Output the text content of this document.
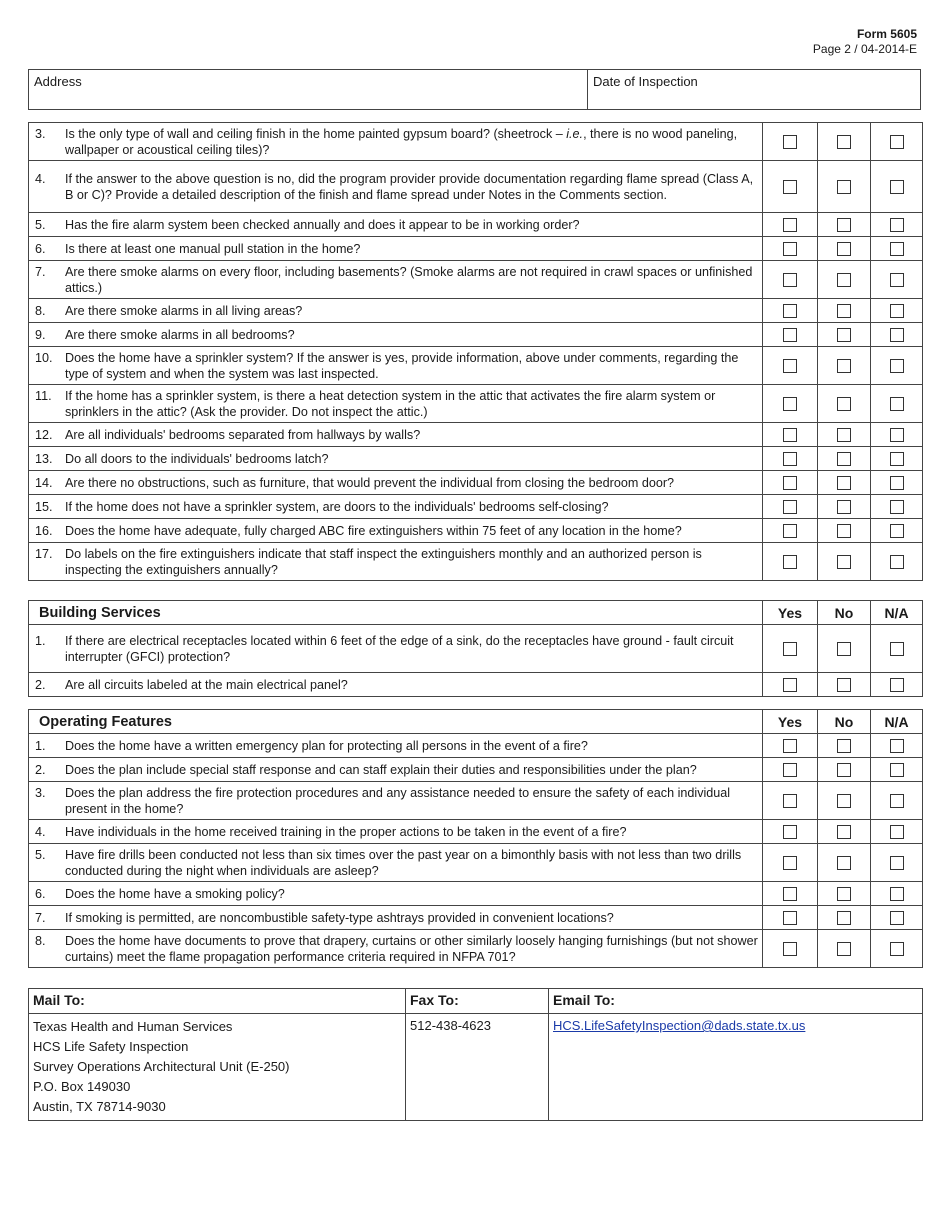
Form 5605
Page 2 / 04-2014-E
Address	Date of Inspection
3. Is the only type of wall and ceiling finish in the home painted gypsum board? (sheetrock – i.e., there is no wood paneling, wallpaper or acoustical ceiling tiles)?			

4. If the answer to the above question is no, did the program provider provide documentation regarding flame spread (Class A, B or C)? Provide a detailed description of the finish and flame spread under Notes in the Comments section.			

5. Has the fire alarm system been checked annually and does it appear to be in working order?			

6. Is there at least one manual pull station in the home?			

7. Are there smoke alarms on every floor, including basements? (Smoke alarms are not required in crawl spaces or unfinished attics.)			

8. Are there smoke alarms in all living areas?			

9. Are there smoke alarms in all bedrooms?			

10. Does the home have a sprinkler system? If the answer is yes, provide information, above under comments, regarding the type of system and when the system was last inspected.			

11. If the home has a sprinkler system, is there a heat detection system in the attic that activates the fire alarm system or sprinklers in the attic? (Ask the provider. Do not inspect the attic.)			

12. Are all individuals' bedrooms separated from hallways by walls?			

13. Do all doors to the individuals' bedrooms latch?			

14. Are there no obstructions, such as furniture, that would prevent the individual from closing the bedroom door?			

15. If the home does not have a sprinkler system, are doors to the individuals' bedrooms self-closing?			

16. Does the home have adequate, fully charged ABC fire extinguishers within 75 feet of any location in the home?			

17. Do labels on the fire extinguishers indicate that staff inspect the extinguishers monthly and an authorized person is inspecting the extinguishers annually?			

Building Services	Yes	No	N/A

1. If there are electrical receptacles located within 6 feet of the edge of a sink, do the receptacles have ground - fault circuit interrupter (GFCI) protection?			

2. Are all circuits labeled at the main electrical panel?			

Operating Features	Yes	No	N/A

1. Does the home have a written emergency plan for protecting all persons in the event of a fire?			

2. Does the plan include special staff response and can staff explain their duties and responsibilities under the plan?			

3. Does the plan address the fire protection procedures and any assistance needed to ensure the safety of each individual present in the home?			

4. Have individuals in the home received training in the proper actions to be taken in the event of a fire?			

5. Have fire drills been conducted not less than six times over the past year on a bimonthly basis with not less than two drills conducted during the night when individuals are asleep?			

6. Does the home have a smoking policy?			

7. If smoking is permitted, are noncombustible safety-type ashtrays provided in convenient locations?			

8. Does the home have documents to prove that drapery, curtains or other similarly loosely hanging furnishings (but not shower curtains) meet the flame propagation performance criteria required in NFPA 701?			

Mail To:	Fax To:	Email To:

Texas Health and Human Services
HCS Life Safety Inspection
Survey Operations Architectural Unit (E-250)
P.O. Box 149030
Austin, TX 78714-9030	512-438-4623	HCS.LifeSafetyInspection@dads.state.tx.us
